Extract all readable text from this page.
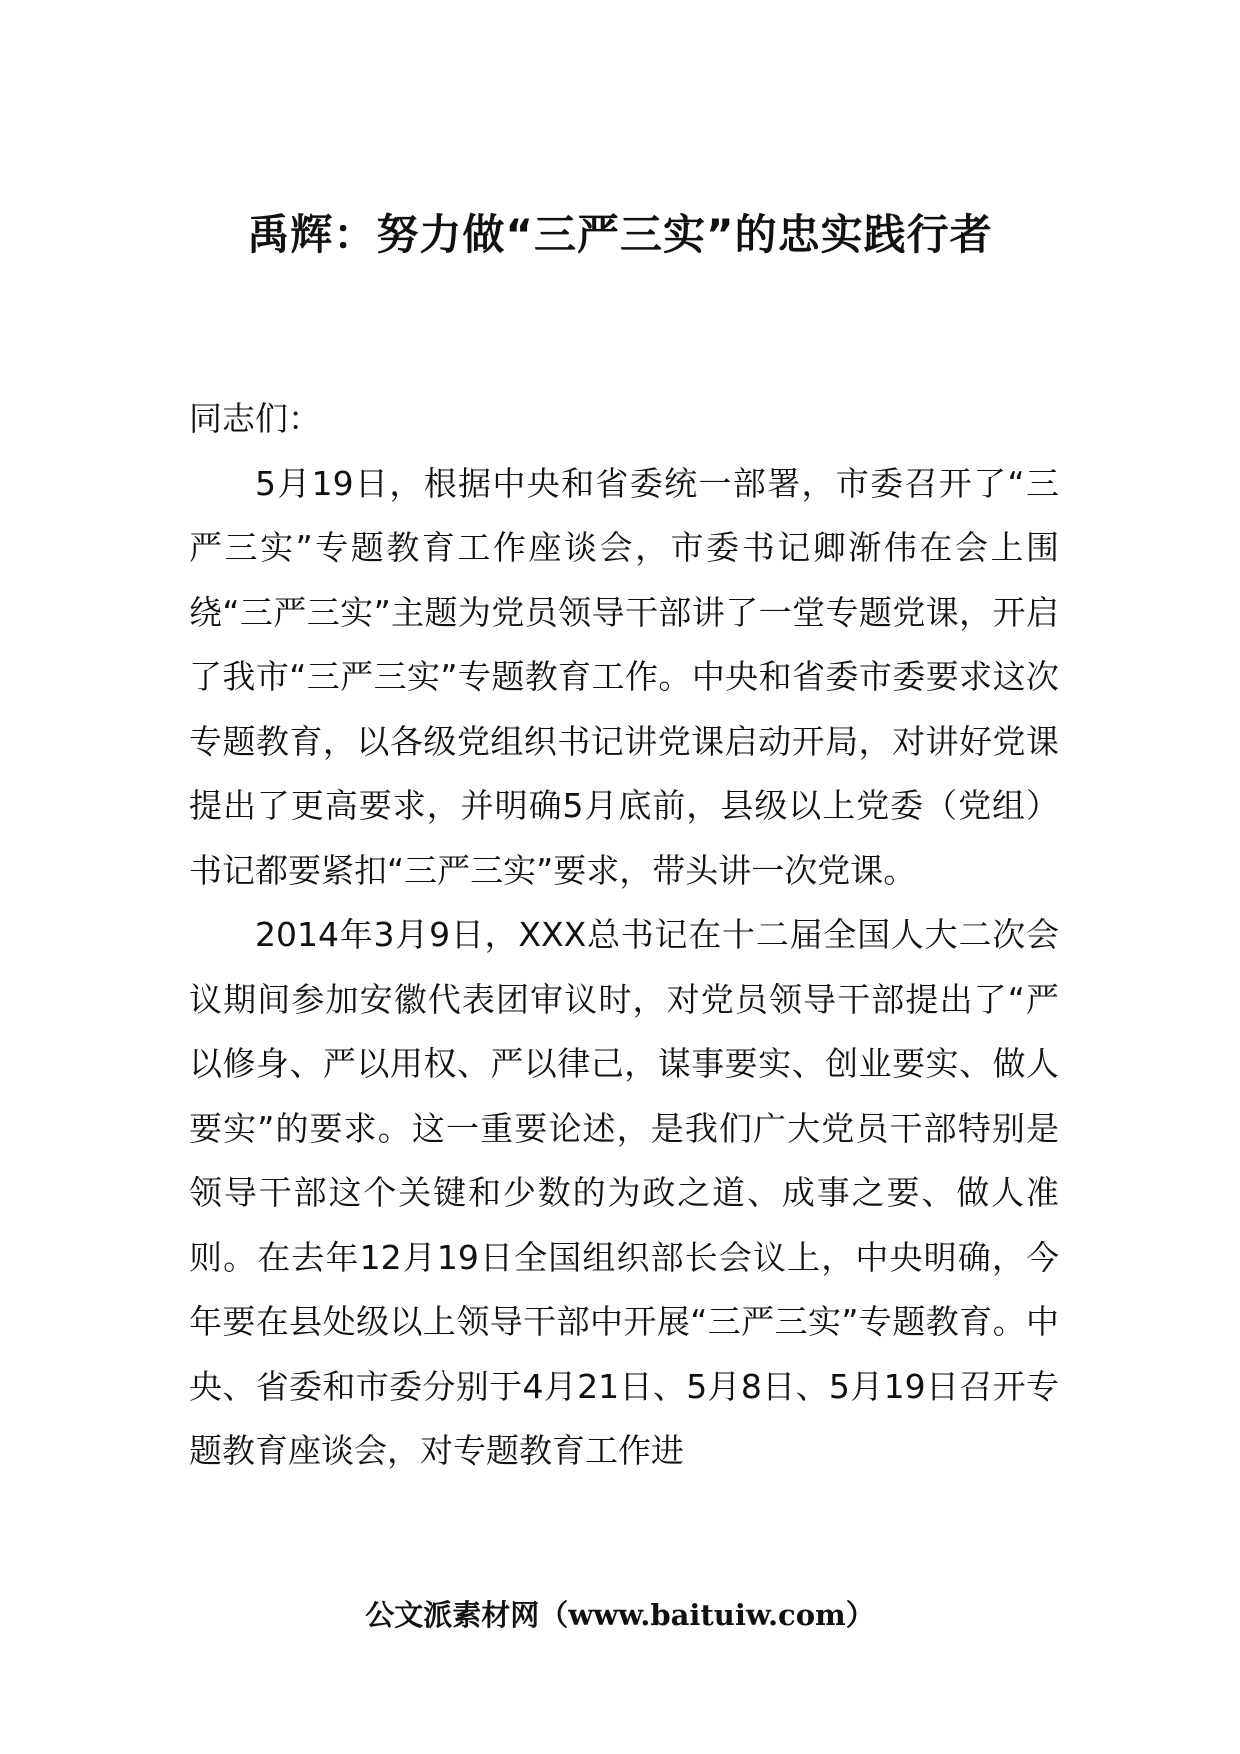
禹辉：努力做“三严三实”的忠实践行者

同志们：

5月19日，根据中央和省委统一部署，市委召开了“三严三实”专题教育工作座谈会，市委书记卿渐伟在会上围绕“三严三实”主题为党员领导干部讲了一堂专题党课，开启了我市“三严三实”专题教育工作。中央和省委市委要求这次专题教育，以各级党组织书记讲党课启动开局，对讲好党课提出了更高要求，并明确5月底前，县级以上党委（党组）书记都要紧扣“三严三实”要求，带头讲一次党课。

2014年3月9日，XXX总书记在十二届全国人大二次会议期间参加安徽代表团审议时，对党员领导干部提出了“严以修身、严以用权、严以律己，谋事要实、创业要实、做人要实”的要求。这一重要论述，是我们广大党员干部特别是领导干部这个关键和少数的为政之道、成事之要、做人准则。在去年12月19日全国组织部长会议上，中央明确，今年要在县处级以上领导干部中开展“三严三实”专题教育。中央、省委和市委分别于4月21日、5月8日、5月19日召开专题教育座谈会，对专题教育工作进

公文派素材网（www.baituiw.com）
